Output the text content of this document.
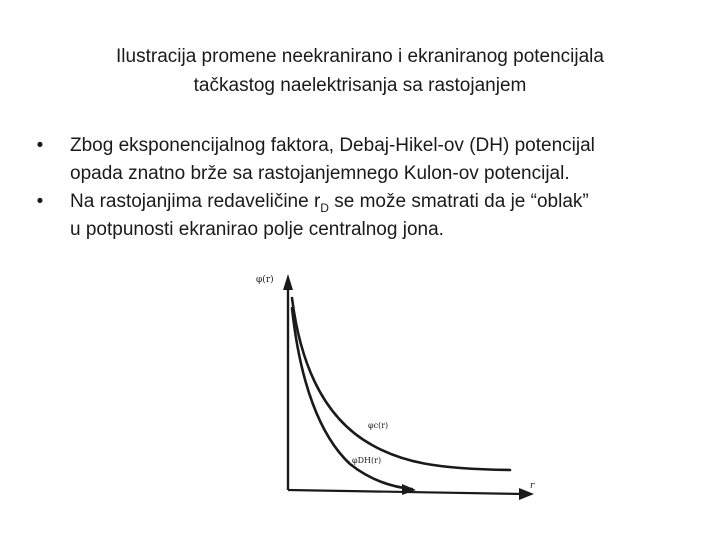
Ilustracija promene neekranirano i ekraniranog potencijala
tačkastog naelektrisanja sa rastojanjem
•	Zbog eksponencijalnog faktora, Debaj-Hikel-ov (DH) potencijal
opada znatno brže sa rastojanjemnego Kulon-ov potencijal.
•	Na rastojanjima redaveličine $r_D$ se može smatrati da je “oblak”
u potpunosti ekranirao polje centralnog jona.
φ(r)
r
φc(r)
φDH(r)
